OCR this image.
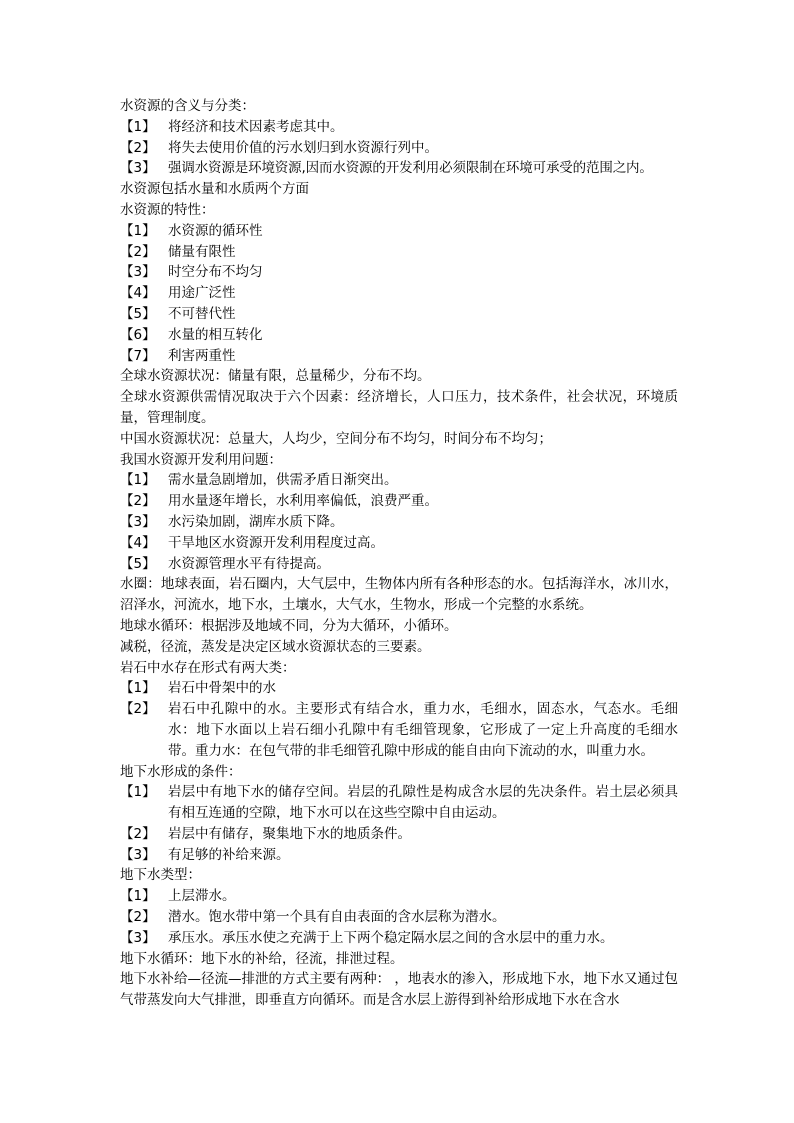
水资源的含义与分类：
【1】 将经济和技术因素考虑其中。
【2】 将失去使用价值的污水划归到水资源行列中。
【3】 强调水资源是环境资源,因而水资源的开发利用必须限制在环境可承受的范围之内。
水资源包括水量和水质两个方面
水资源的特性：
【1】 水资源的循环性
【2】 储量有限性
【3】 时空分布不均匀
【4】 用途广泛性
【5】 不可替代性
【6】 水量的相互转化
【7】 利害两重性
全球水资源状况：储量有限，总量稀少，分布不均。
全球水资源供需情况取决于六个因素：经济增长，人口压力，技术条件，社会状况，环境质量，管理制度。
中国水资源状况：总量大，人均少，空间分布不均匀，时间分布不均匀；
我国水资源开发利用问题：
【1】 需水量急剧增加，供需矛盾日渐突出。
【2】 用水量逐年增长，水利用率偏低，浪费严重。
【3】 水污染加剧，湖库水质下降。
【4】 干旱地区水资源开发利用程度过高。
【5】 水资源管理水平有待提高。
水圈：地球表面，岩石圈内，大气层中，生物体内所有各种形态的水。包括海洋水，冰川水，沼泽水，河流水，地下水，土壤水，大气水，生物水，形成一个完整的水系统。
地球水循环：根据涉及地域不同，分为大循环，小循环。
减税，径流，蒸发是决定区域水资源状态的三要素。
岩石中水存在形式有两大类：
【1】 岩石中骨架中的水
【2】 岩石中孔隙中的水。主要形式有结合水，重力水，毛细水，固态水，气态水。毛细水：地下水面以上岩石细小孔隙中有毛细管现象，它形成了一定上升高度的毛细水带。重力水：在包气带的非毛细管孔隙中形成的能自由向下流动的水，叫重力水。
地下水形成的条件：
【1】 岩层中有地下水的储存空间。岩层的孔隙性是构成含水层的先决条件。岩土层必须具有相互连通的空隙，地下水可以在这些空隙中自由运动。
【2】 岩层中有储存，聚集地下水的地质条件。
【3】 有足够的补给来源。
地下水类型：
【1】 上层滞水。
【2】 潜水。饱水带中第一个具有自由表面的含水层称为潜水。
【3】 承压水。承压水使之充满于上下两个稳定隔水层之间的含水层中的重力水。
地下水循环：地下水的补给，径流，排泄过程。
地下水补给—径流—排泄的方式主要有两种： ，地表水的渗入，形成地下水，地下水又通过包气带蒸发向大气排泄，即垂直方向循环。而是含水层上游得到补给形成地下水在含水
